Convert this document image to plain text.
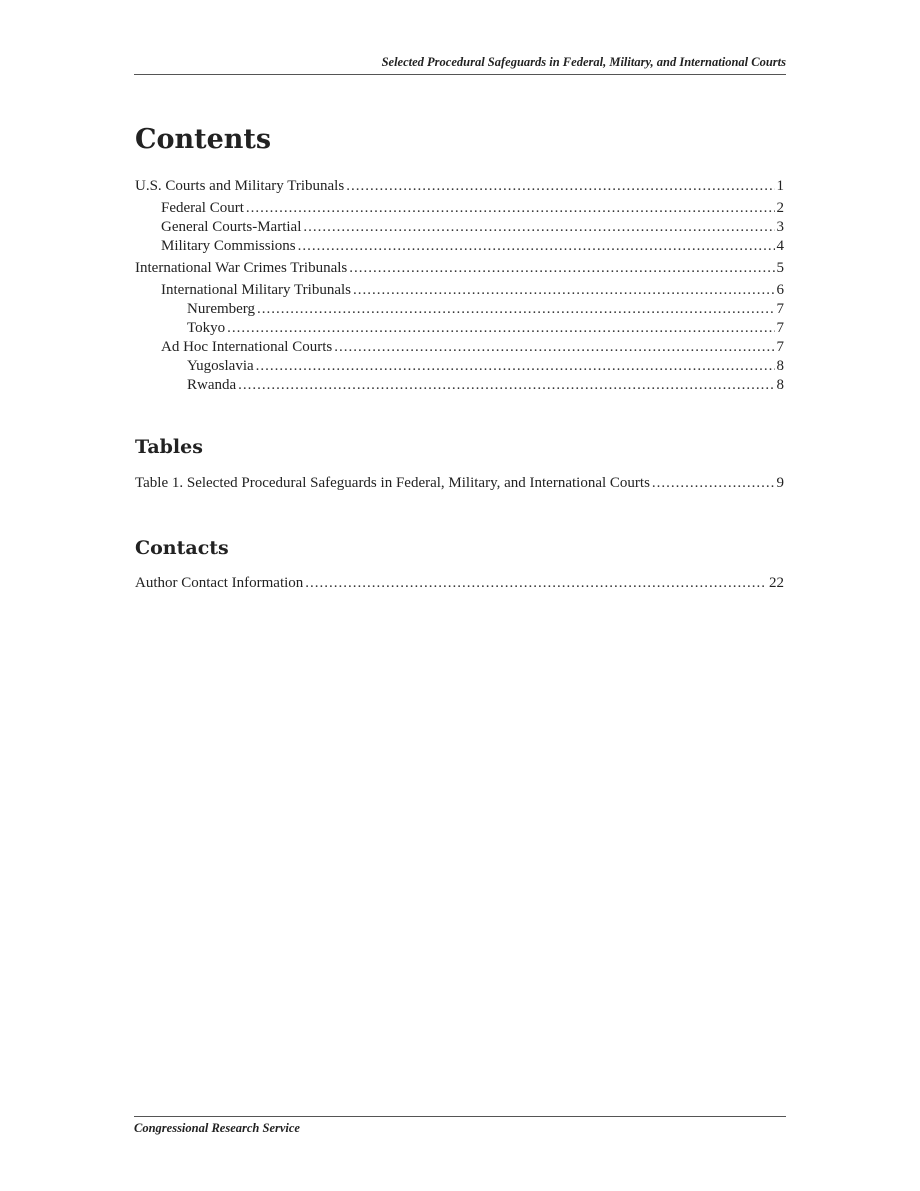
Selected Procedural Safeguards in Federal, Military, and International Courts
Contents
U.S. Courts and Military Tribunals .....	1
Federal Court .....	2
General Courts-Martial .....	3
Military Commissions .....	4
International War Crimes Tribunals .....	5
International Military Tribunals .....	6
Nuremberg .....	7
Tokyo .....	7
Ad Hoc International Courts .....	7
Yugoslavia .....	8
Rwanda .....	8
Tables
Table 1. Selected Procedural Safeguards in Federal, Military, and International Courts .....	9
Contacts
Author Contact Information .....	22
Congressional Research Service
